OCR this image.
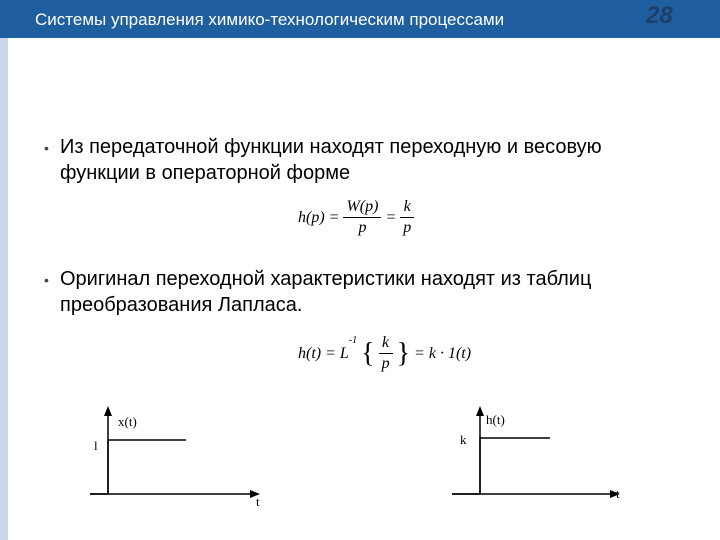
Системы управления химико-технологическим процессами	28
• Из передаточной функции находят переходную и весовую функции в операторной форме
$h(p) = \frac{W(p)}{p} = \frac{k}{p}$
• Оригинал переходной характеристики находят из таблиц преобразования Лапласа.
$h(t) = L^{-1}$ { $\frac{k}{p}$ } = k · 1(t)
x(t)
l
t
h(t)
k
t
